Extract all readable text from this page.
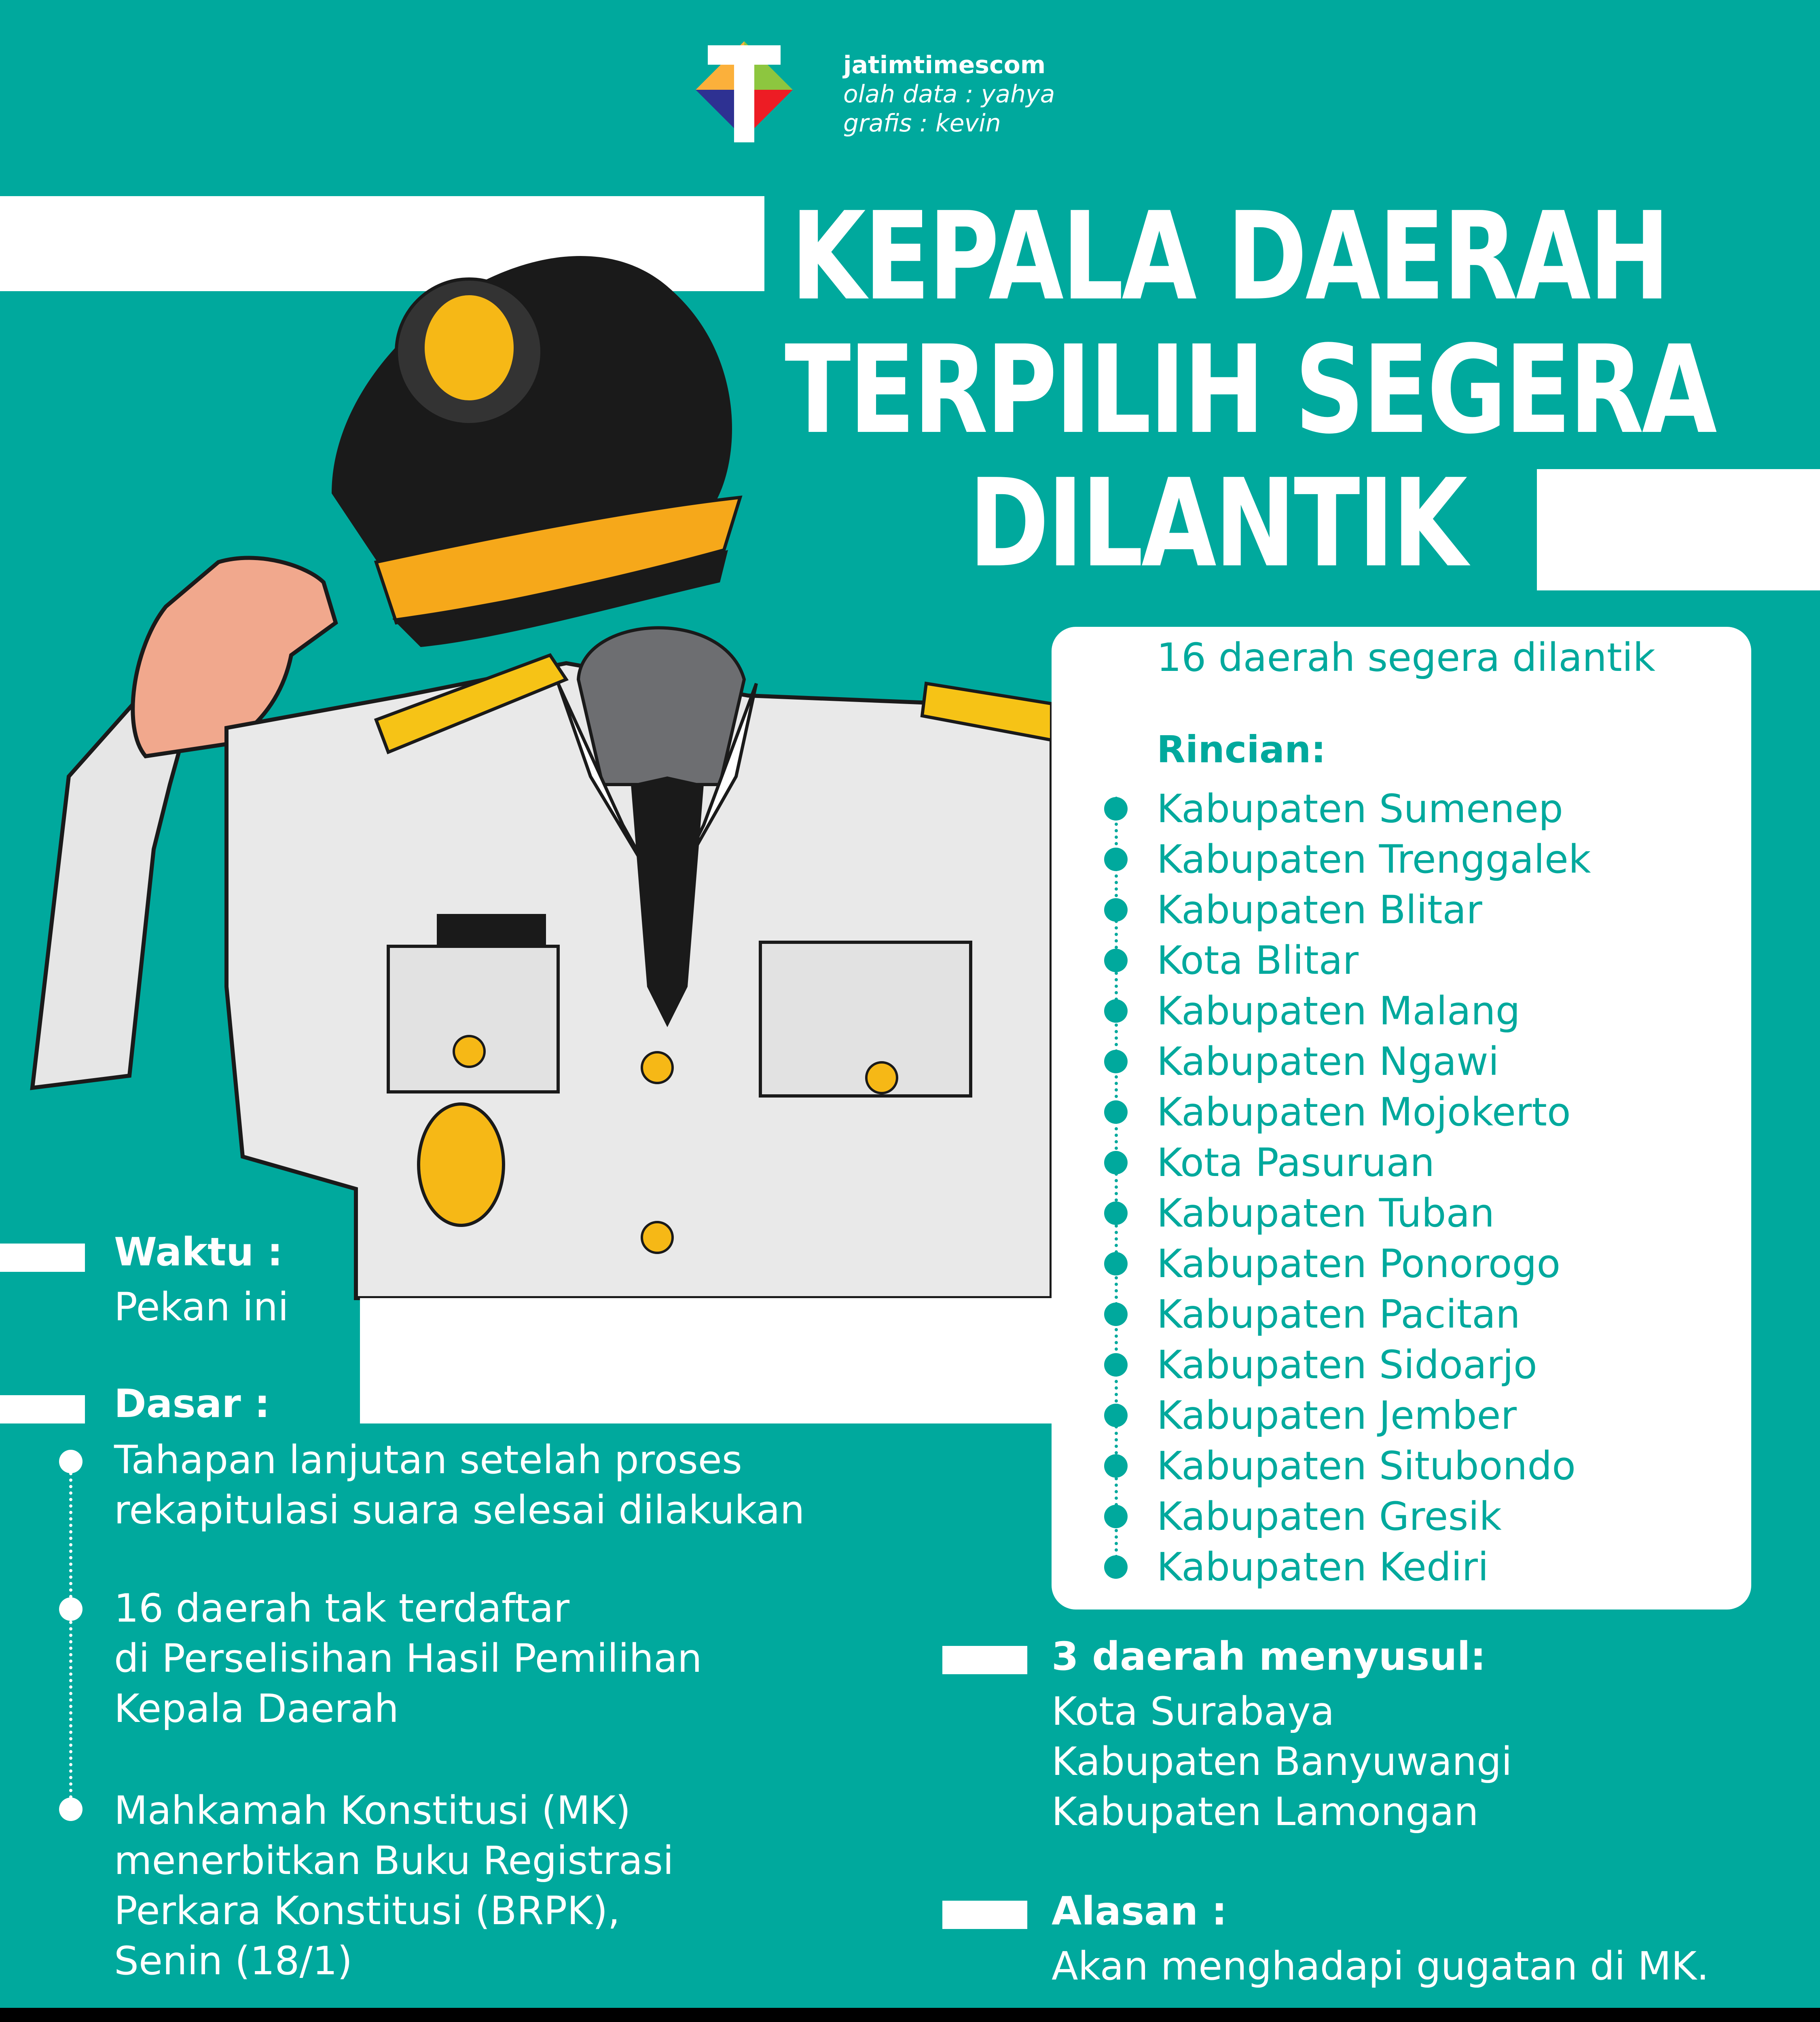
jatimtimescom
olah data : yahya
grafis : kevin
KEPALA DAERAH
TERPILIH SEGERA
DILANTIK
16 daerah segera dilantik
Rincian:
Kabupaten Sumenep
Kabupaten Trenggalek
Kabupaten Blitar
Kota Blitar
Kabupaten Malang
Kabupaten Ngawi
Kabupaten Mojokerto
Kota Pasuruan
Kabupaten Tuban
Kabupaten Ponorogo
Kabupaten Pacitan
Kabupaten Sidoarjo
Kabupaten Jember
Kabupaten Situbondo
Kabupaten Gresik
Kabupaten Kediri
Waktu :
Pekan ini
Dasar :
Tahapan lanjutan setelah proses
rekapitulasi suara selesai dilakukan
16 daerah tak terdaftar
di Perselisihan Hasil Pemilihan
Kepala Daerah
Mahkamah Konstitusi (MK)
menerbitkan Buku Registrasi
Perkara Konstitusi (BRPK),
Senin (18/1)
3 daerah menyusul:
Kota Surabaya
Kabupaten Banyuwangi
Kabupaten Lamongan
Alasan :
Akan menghadapi gugatan di MK.
